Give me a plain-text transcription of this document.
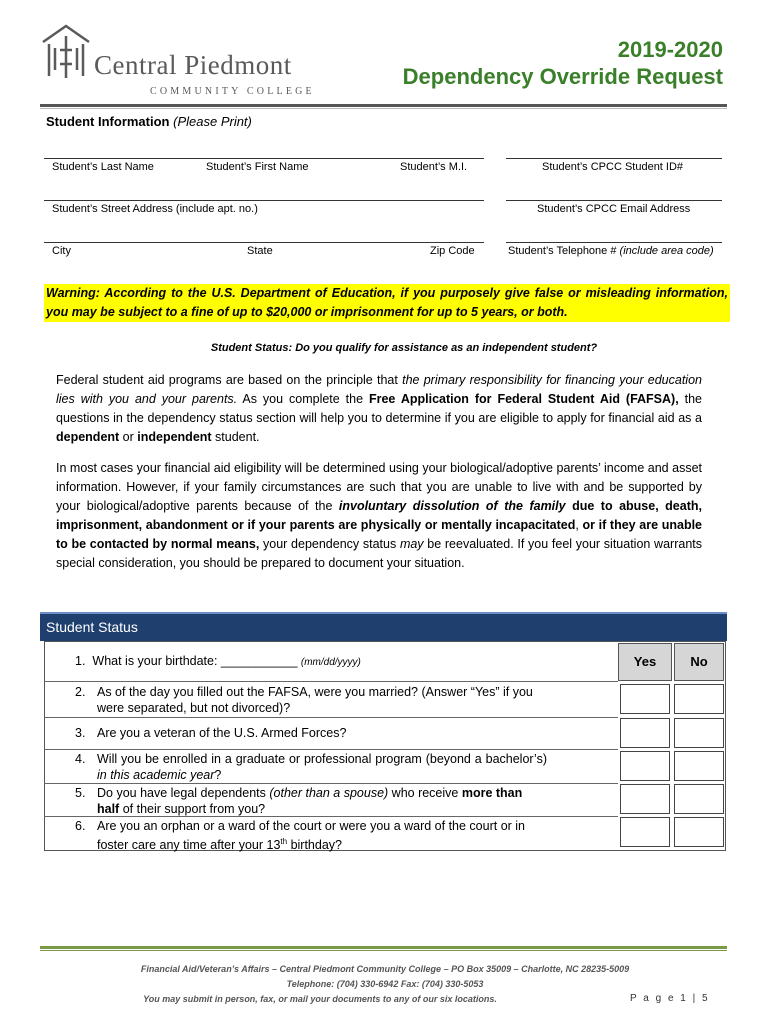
Central Piedmont
COMMUNITY COLLEGE
2019-2020
Dependency Override Request
Student Information (Please Print)
Student’s Last Name	Student’s First Name	Student’s M.I.	Student’s CPCC Student ID#
Student’s Street Address (include apt. no.)	Student’s CPCC Email Address
City	State	Zip Code	Student’s Telephone # (include area code)
Warning: According to the U.S. Department of Education, if you purposely give false or misleading information, you may be subject to a fine of up to $20,000 or imprisonment for up to 5 years, or both.
Student Status: Do you qualify for assistance as an independent student?
Federal student aid programs are based on the principle that the primary responsibility for financing your education lies with you and your parents. As you complete the Free Application for Federal Student Aid (FAFSA), the questions in the dependency status section will help you to determine if you are eligible to apply for financial aid as a dependent or independent student.
In most cases your financial aid eligibility will be determined using your biological/adoptive parents’ income and asset information. However, if your family circumstances are such that you are unable to live with and be supported by your biological/adoptive parents because of the involuntary dissolution of the family due to abuse, death, imprisonment, abandonment or if your parents are physically or mentally incapacitated, or if they are unable to be contacted by normal means, your dependency status may be reevaluated. If you feel your situation warrants special consideration, you should be prepared to document your situation.
Student Status
Yes	No
1. What is your birthdate: ___________ (mm/dd/yyyy)
2. As of the day you filled out the FAFSA, were you married? (Answer “Yes” if you were separated, but not divorced)?
3. Are you a veteran of the U.S. Armed Forces?
4. Will you be enrolled in a graduate or professional program (beyond a bachelor’s) in this academic year?
5. Do you have legal dependents (other than a spouse) who receive more than half of their support from you?
6. Are you an orphan or a ward of the court or were you a ward of the court or in foster care any time after your 13th birthday?
Financial Aid/Veteran’s Affairs – Central Piedmont Community College – PO Box 35009 – Charlotte, NC 28235-5009
Telephone: (704) 330-6942 Fax: (704) 330-5053
You may submit in person, fax, or mail your documents to any of our six locations.	P a g e 1 | 5
